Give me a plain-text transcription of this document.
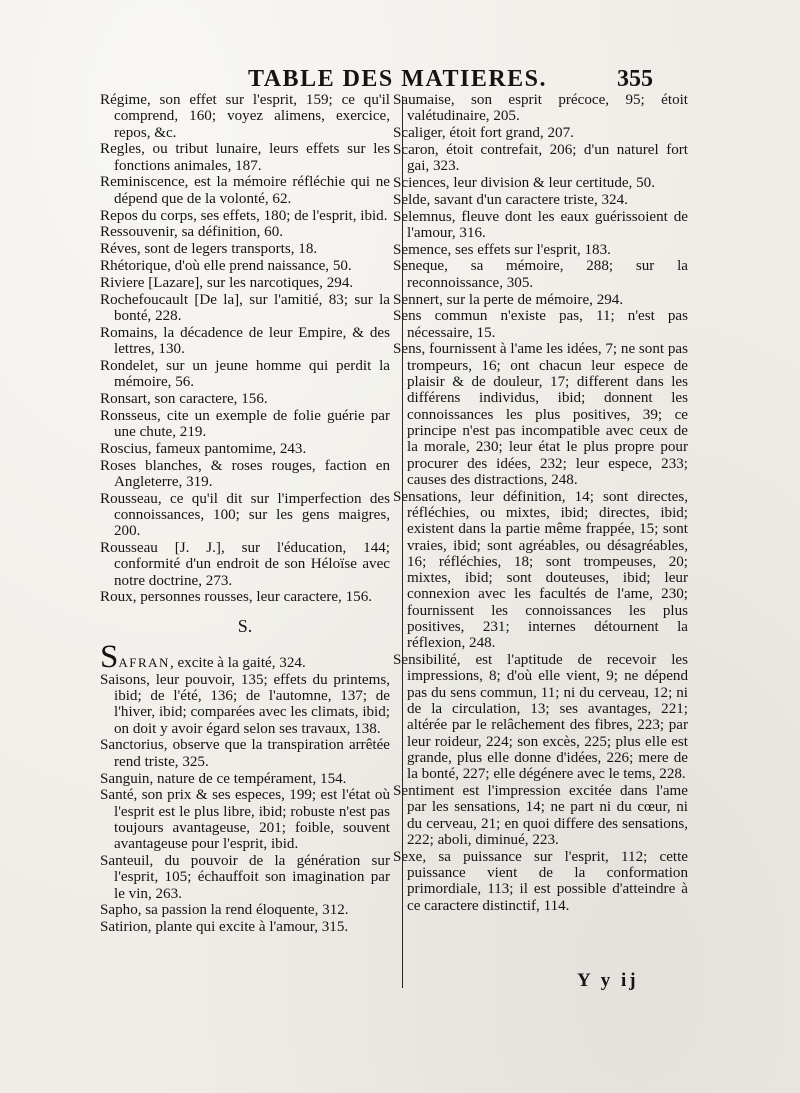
TABLE DES MATIERES.	355

Régime, son effet sur l'esprit, 159; ce qu'il comprend, 160; voyez alimens, exercice, repos, &c.

Regles, ou tribut lunaire, leurs effets sur les fonctions animales, 187.

Reminiscence, est la mémoire réfléchie qui ne dépend que de la volonté, 62.

Repos du corps, ses effets, 180; de l'esprit, ibid.

Ressouvenir, sa définition, 60.

Réves, sont de legers transports, 18.

Rhétorique, d'où elle prend naissance, 50.

Riviere [Lazare], sur les narcotiques, 294.

Rochefoucault [De la], sur l'amitié, 83; sur la bonté, 228.

Romains, la décadence de leur Empire, & des lettres, 130.

Rondelet, sur un jeune homme qui perdit la mémoire, 56.

Ronsart, son caractere, 156.

Ronsseus, cite un exemple de folie guérie par une chute, 219.

Roscius, fameux pantomime, 243.

Roses blanches, & roses rouges, faction en Angleterre, 319.

Rousseau, ce qu'il dit sur l'imperfection des connoissances, 100; sur les gens maigres, 200.

Rousseau [J. J.], sur l'éducation, 144; conformité d'un endroit de son Héloïse avec notre doctrine, 273.

Roux, personnes rousses, leur caractere, 156.

S.

SAFRAN, excite à la gaité, 324.

Saisons, leur pouvoir, 135; effets du printems, ibid; de l'été, 136; de l'automne, 137; de l'hiver, ibid; comparées avec les climats, ibid; on doit y avoir égard selon ses travaux, 138.

Sanctorius, observe que la transpiration arrêtée rend triste, 325.

Sanguin, nature de ce tempérament, 154.

Santé, son prix & ses especes, 199; est l'état où l'esprit est le plus libre, ibid; robuste n'est pas toujours avantageuse, 201; foible, souvent avantageuse pour l'esprit, ibid.

Santeuil, du pouvoir de la génération sur l'esprit, 105; échauffoit son imagination par le vin, 263.

Sapho, sa passion la rend éloquente, 312.

Satirion, plante qui excite à l'amour, 315.

Saumaise, son esprit précoce, 95; étoit valétudinaire, 205.

Scaliger, étoit fort grand, 207.

Scaron, étoit contrefait, 206; d'un naturel fort gai, 323.

Sciences, leur division & leur certitude, 50.

Selde, savant d'un caractere triste, 324.

Selemnus, fleuve dont les eaux guérissoient de l'amour, 316.

Semence, ses effets sur l'esprit, 183.

Seneque, sa mémoire, 288; sur la reconnoissance, 305.

Sennert, sur la perte de mémoire, 294.

Sens commun n'existe pas, 11; n'est pas nécessaire, 15.

Sens, fournissent à l'ame les idées, 7; ne sont pas trompeurs, 16; ont chacun leur espece de plaisir & de douleur, 17; different dans les différens individus, ibid; donnent les connoissances les plus positives, 39; ce principe n'est pas incompatible avec ceux de la morale, 230; leur état le plus propre pour procurer des idées, 232; leur espece, 233; causes des distractions, 248.

Sensations, leur définition, 14; sont directes, réfléchies, ou mixtes, ibid; directes, ibid; existent dans la partie même frappée, 15; sont vraies, ibid; sont agréables, ou désagréables, 16; réfléchies, 18; sont trompeuses, 20; mixtes, ibid; sont douteuses, ibid; leur connexion avec les facultés de l'ame, 230; fournissent les connoissances les plus positives, 231; internes détournent la réflexion, 248.

Sensibilité, est l'aptitude de recevoir les impressions, 8; d'où elle vient, 9; ne dépend pas du sens commun, 11; ni du cerveau, 12; ni de la circulation, 13; ses avantages, 221; altérée par le relâchement des fibres, 223; par leur roideur, 224; son excès, 225; plus elle est grande, plus elle donne d'idées, 226; mere de la bonté, 227; elle dégénere avec le tems, 228.

Sentiment est l'impression excitée dans l'ame par les sensations, 14; ne part ni du cœur, ni du cerveau, 21; en quoi differe des sensations, 222; aboli, diminué, 223.

Sexe, sa puissance sur l'esprit, 112; cette puissance vient de la conformation primordiale, 113; il est possible d'atteindre à ce caractere distinctif, 114.

Y y ij
